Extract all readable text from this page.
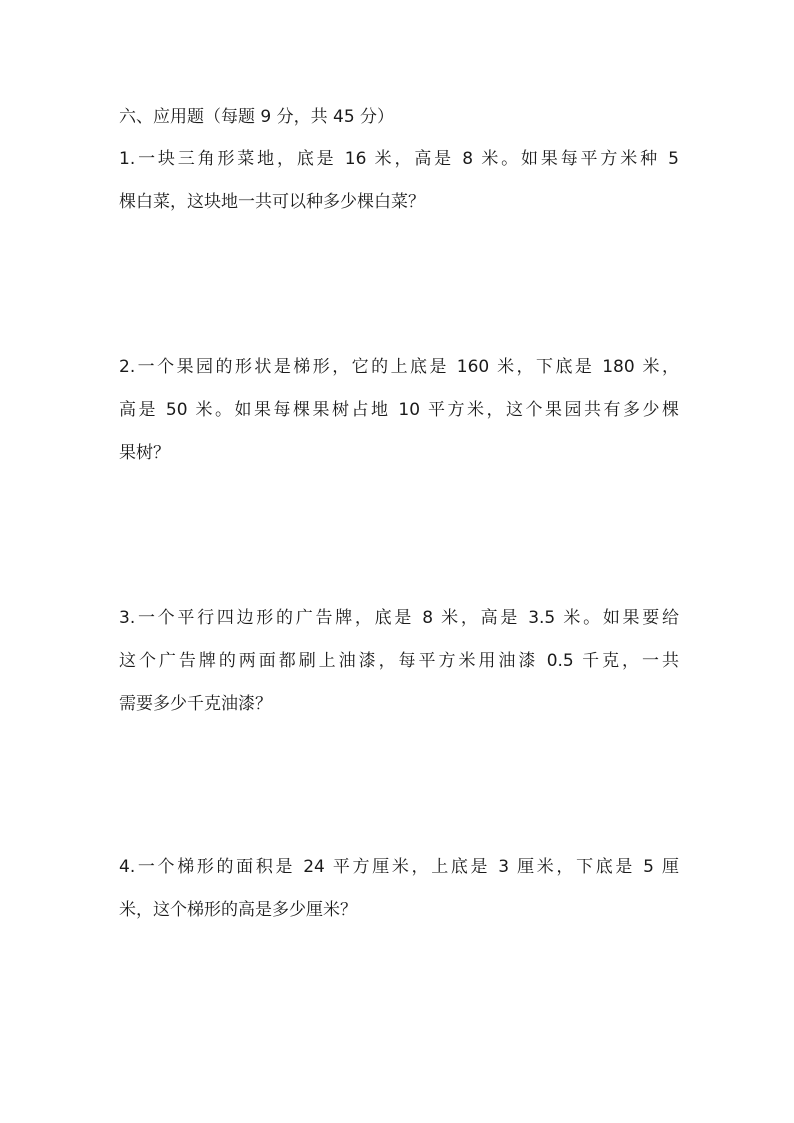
六、应用题（每题 9 分，共 45 分）
1.一块三角形菜地，底是 16 米，高是 8 米。如果每平方米种 5
棵白菜，这块地一共可以种多少棵白菜？
2.一个果园的形状是梯形，它的上底是 160 米，下底是 180 米，
高是 50 米。如果每棵果树占地 10 平方米，这个果园共有多少棵
果树？
3.一个平行四边形的广告牌，底是 8 米，高是 3.5 米。如果要给
这个广告牌的两面都刷上油漆，每平方米用油漆 0.5 千克，一共
需要多少千克油漆？
4.一个梯形的面积是 24 平方厘米，上底是 3 厘米，下底是 5 厘
米，这个梯形的高是多少厘米？
